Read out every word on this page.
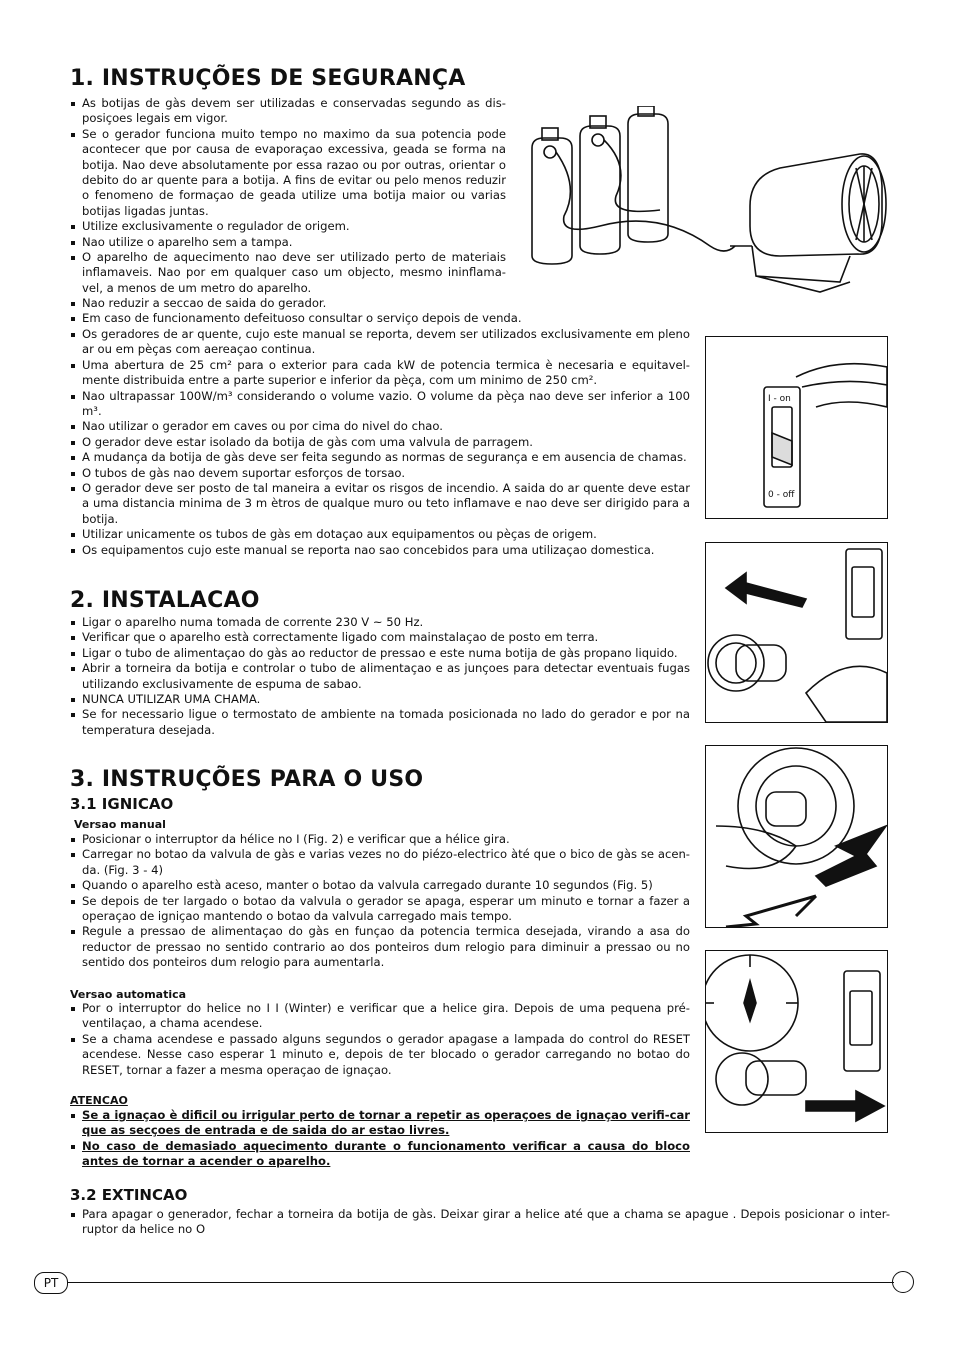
1. INSTRUÇÕES DE SEGURANÇA
As botijas de gàs devem ser utilizadas e conservadas segundo as dis-posiçoes legais em vigor.
Se o gerador funciona muito tempo no maximo da sua potencia pode acontecer que por causa de evaporaçao excessiva, geada se forma na botija. Nao deve absolutamente por essa razao ou por outras, orientar o debito do ar quente para a botija. A fins de evitar ou pelo menos reduzir o fenomeno de formaçao de geada utilize uma botija maior ou varias botijas ligadas juntas.
Utilize exclusivamente o regulador de origem.
Nao utilize o aparelho sem a tampa.
O aparelho de aquecimento nao deve ser utilizado perto de materiais inflamaveis. Nao por em qualquer caso um objecto, mesmo ininflama-vel, a menos de um metro do aparelho.
Nao reduzir a seccao de saida do gerador.
Em caso de funcionamento defeituoso consultar o serviço depois de venda.
Os geradores de ar quente, cujo este manual se reporta, devem ser utilizados exclusivamente em pleno ar ou em pèças com aereaçao continua.
Uma abertura de 25 cm² para o exterior para cada kW de potencia termica è necesaria e equitavel-mente distribuida entre a parte superior e inferior da pèça, com um minimo de 250 cm².
Nao ultrapassar 100W/m³ considerando o volume vazio. O volume da pèça nao deve ser inferior a 100 m³.
Nao utilizar o gerador em caves ou por cima do nivel do chao.
O gerador deve estar isolado da botija de gàs com uma valvula de parragem.
A mudança da botija de gàs deve ser feita segundo as normas de segurança e em ausencia de chamas.
O tubos de gàs nao devem suportar esforços de torsao.
O gerador deve ser posto de tal maneira a evitar os risgos de incendio. A saida do ar quente deve estar a uma distancia minima de 3 m ètros de qualque muro ou teto inflamave e nao deve ser dirigido para a botija.
Utilizar unicamente os tubos de gàs em dotaçao aux equipamentos ou pèças de origem.
Os equipamentos cujo este manual se reporta nao sao concebidos para uma utilizaçao domestica.
2. INSTALACAO
Ligar o aparelho numa tomada de corrente 230 V ~ 50 Hz.
Verificar que o aparelho està correctamente ligado com mainstalaçao de posto em terra.
Ligar o tubo de alimentaçao do gàs ao reductor de pressao e este numa botija de gàs propano liquido.
Abrir a torneira da botija e controlar o tubo de alimentaçao e as junçoes para detectar eventuais fugas utilizando exclusivamente de espuma de sabao.
NUNCA UTILIZAR UMA CHAMA.
Se for necessario ligue o termostato de ambiente na tomada posicionada no lado do gerador e por na temperatura desejada.
3. INSTRUÇÕES PARA O USO
3.1 IGNICAO

Versao manual

Posicionar o interruptor da hélice no I (Fig. 2) e verificar que a hélice gira.
Carregar no botao da valvula de gàs e varias vezes no do piézo-electrico àté que o bico de gàs se acen-da. (Fig. 3 - 4)
Quando o aparelho està aceso, manter o botao da valvula carregado durante 10 segundos (Fig. 5)
Se depois de ter largado o botao da valvula o gerador se apaga, esperar um minuto e tornar a fazer a operaçao de igniçao mantendo o botao da valvula carregado mais tempo.
Regule a pressao de alimentaçao do gàs en funçao da potencia termica desejada, virando a asa do reductor de pressao no sentido contrario ao dos ponteiros dum relogio para diminuir a pressao ou no sentido dos ponteiros dum relogio para aumentarla.

Versao automatica

Por o interruptor do helice no I I (Winter) e verificar que a helice gira. Depois de uma pequena pré-ventilaçao, a chama acendese.
Se a chama acendese e passado alguns segundos o gerador apagase a lampada do control do RESET acendese. Nesse caso esperar 1 minuto e, depois de ter blocado o gerador carregando no botao do RESET, tornar a fazer a mesma operaçao de ignaçao.

ATENCAO

Se a ignaçao è dificil ou irrigular perto de tornar a repetir as operaçoes de ignaçao verifi-car que as secçoes de entrada e de saida do ar estao livres.
No caso de demasiado aquecimento durante o funcionamento verificar a causa do bloco antes de tornar a acender o aparelho.
3.2 EXTINCAO
Para apagar o generador, fechar a torneira da botija de gàs. Deixar girar a helice até que a chama se apague . Depois posicionar o inter-ruptor da helice no O
I - on
0 - off
PT
